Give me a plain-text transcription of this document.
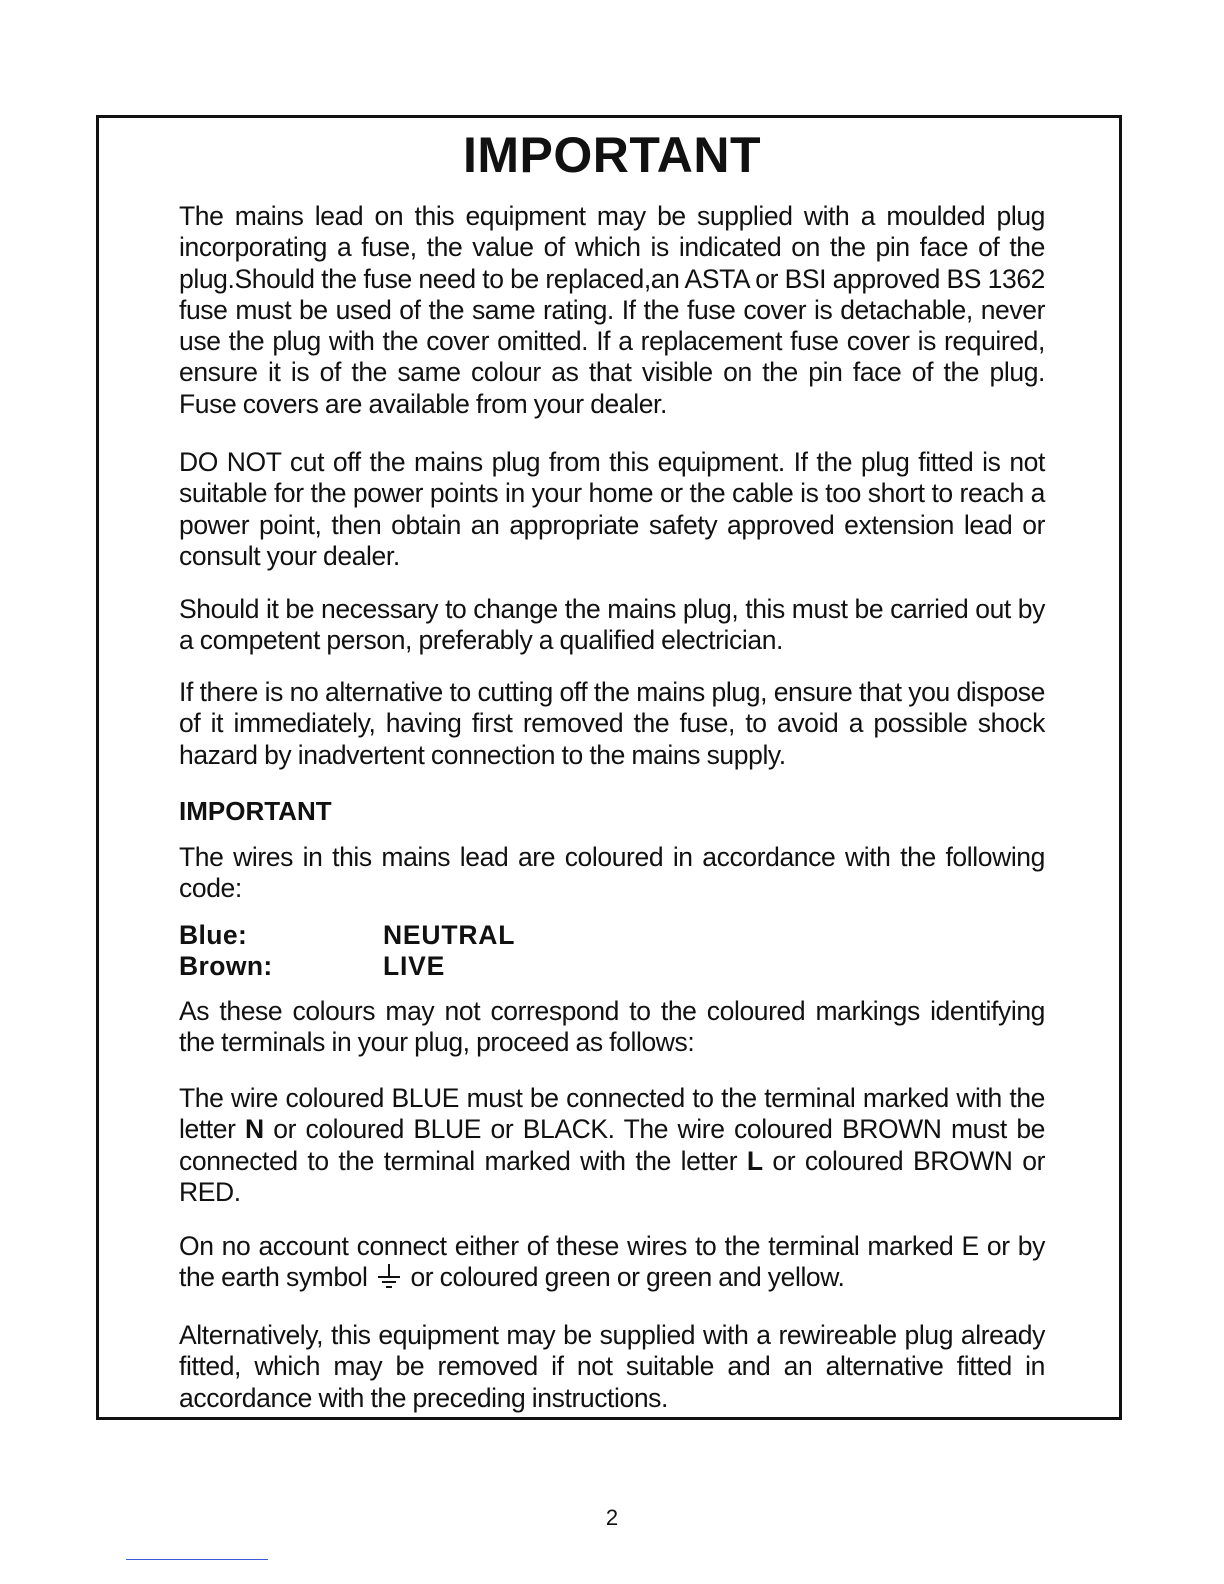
IMPORTANT

The mains lead on this equipment may be supplied with a moulded plug incorporating a fuse, the value of which is indicated on the pin face of the plug.Should the fuse need to be replaced,an ASTA or BSI approved BS 1362 fuse must be used of the same rating. If the fuse cover is detachable, never use the plug with the cover omitted. If a replacement fuse cover is required, ensure it is of the same colour as that visible on the pin face of the plug. Fuse covers are available from your dealer.

DO NOT cut off the mains plug from this equipment. If the plug fitted is not suitable for the power points in your home or the cable is too short to reach a power point, then obtain an appropriate safety approved extension lead or consult your dealer.

Should it be necessary to change the mains plug, this must be carried out by a competent person, preferably a qualified electrician.

If there is no alternative to cutting off the mains plug, ensure that you dispose of it immediately, having first removed the fuse, to avoid a possible shock hazard by inadvertent connection to the mains supply.

IMPORTANT

The wires in this mains lead are coloured in accordance with the following code:

Blue:	NEUTRAL
Brown:	LIVE

As these colours may not correspond to the coloured markings identifying the terminals in your plug, proceed as follows:

The wire coloured BLUE must be connected to the terminal marked with the letter N or coloured BLUE or BLACK. The wire coloured BROWN must be connected to the terminal marked with the letter L or coloured BROWN or RED.

On no account connect either of these wires to the terminal marked E or by the earth symbol or coloured green or green and yellow.

Alternatively, this equipment may be supplied with a rewireable plug already fitted, which may be removed if not suitable and an alternative fitted in accordance with the preceding instructions.

2
